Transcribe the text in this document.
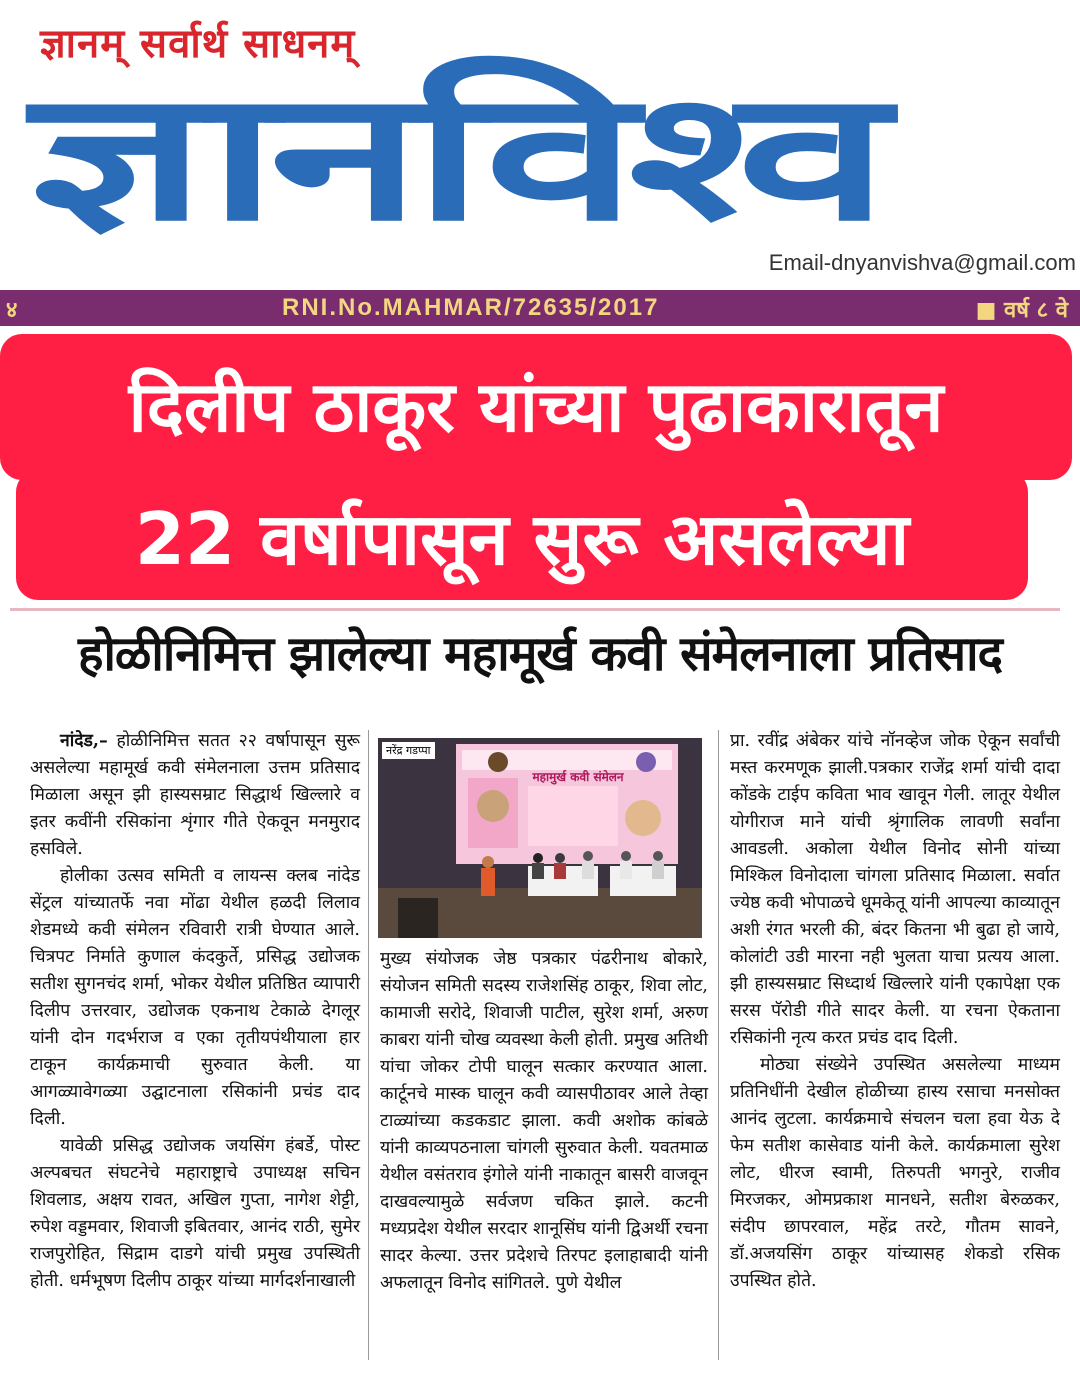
ज्ञानम् सर्वार्थ साधनम्
ज्ञानविश्व
Email-dnyanvishva@gmail.com
४	RNI.No.MAHMAR/72635/2017	■ वर्ष ८ वे
दिलीप ठाकूर यांच्या पुढाकारातून
22 वर्षापासून सुरू असलेल्या
होळीनिमित्त झालेल्या महामूर्ख कवी संमेलनाला प्रतिसाद

नांदेड,– होळीनिमित्त सतत २२ वर्षापासून सुरू असलेल्या महामूर्ख कवी संमेलनाला उत्तम प्रतिसाद मिळाला असून झी हास्यसम्राट सिद्धार्थ खिल्लारे व इतर कवींनी रसिकांना शृंगार गीते ऐकवून मनमुराद हसविले.

होलीका उत्सव समिती व लायन्स क्लब नांदेड सेंट्रल यांच्यातर्फे नवा मोंढा येथील हळदी लिलाव शेडमध्ये कवी संमेलन रविवारी रात्री घेण्यात आले. चित्रपट निर्माते कुणाल कंदकुर्ते, प्रसिद्ध उद्योजक सतीश सुगनचंद शर्मा, भोकर येथील प्रतिष्ठित व्यापारी दिलीप उत्तरवार, उद्योजक एकनाथ टेकाळे देगलूर यांनी दोन गदर्भराज व एका तृतीयपंथीयाला हार टाकून कार्यक्रमाची सुरुवात केली. या आगळ्यावेगळ्या उद्घाटनाला रसिकांनी प्रचंड दाद दिली.

यावेळी प्रसिद्ध उद्योजक जयसिंग हंबर्डे, पोस्ट अल्पबचत संघटनेचे महाराष्ट्राचे उपाध्यक्ष सचिन शिवलाड, अक्षय रावत, अखिल गुप्ता, नागेश शेट्टी, रुपेश वड्डमवार, शिवाजी इबितवार, आनंद राठी, सुमेर राजपुरोहित, सिद्राम दाडगे यांची प्रमुख उपस्थिती होती. धर्मभूषण दिलीप ठाकूर यांच्या मार्गदर्शनाखाली

नरेंद्र गडप्पा
महामुर्ख कवी संमेलन

मुख्य संयोजक जेष्ठ पत्रकार पंढरीनाथ बोकारे, संयोजन समिती सदस्य राजेशसिंह ठाकूर, शिवा लोट, कामाजी सरोदे, शिवाजी पाटील, सुरेश शर्मा, अरुण काबरा यांनी चोख व्यवस्था केली होती. प्रमुख अतिथी यांचा जोकर टोपी घालून सत्कार करण्यात आला. कार्टूनचे मास्क घालून कवी व्यासपीठावर आले तेव्हा टाळ्यांच्या कडकडाट झाला. कवी अशोक कांबळे यांनी काव्यपठनाला चांगली सुरुवात केली. यवतमाळ येथील वसंतराव इंगोले यांनी नाकातून बासरी वाजवून दाखवल्यामुळे सर्वजण चकित झाले. कटनी मध्यप्रदेश येथील सरदार शानूसिंघ यांनी द्विअर्थी रचना सादर केल्या. उत्तर प्रदेशचे तिरपट इलाहाबादी यांनी अफलातून विनोद सांगितले. पुणे येथील

प्रा. रवींद्र अंबेकर यांचे नॉनव्हेज जोक ऐकून सर्वांची मस्त करमणूक झाली.पत्रकार राजेंद्र शर्मा यांची दादा कोंडके टाईप कविता भाव खावून गेली. लातूर येथील योगीराज माने यांची श्रृंगालिक लावणी सर्वांना आवडली. अकोला येथील विनोद सोनी यांच्या मिश्किल विनोदाला चांगला प्रतिसाद मिळाला. सर्वात ज्येष्ठ कवी भोपाळचे धूमकेतू यांनी आपल्या काव्यातून अशी रंगत भरली की, बंदर कितना भी बुढा हो जाये, कोलांटी उडी मारना नही भुलता याचा प्रत्यय आला. झी हास्यसम्राट सिध्दार्थ खिल्लारे यांनी एकापेक्षा एक सरस पॅरोडी गीते सादर केली. या रचना ऐकताना रसिकांनी नृत्य करत प्रचंड दाद दिली.

मोठ्या संख्येने उपस्थित असलेल्या माध्यम प्रतिनिधींनी देखील होळीच्या हास्य रसाचा मनसोक्त आनंद लुटला. कार्यक्रमाचे संचलन चला हवा येऊ दे फेम सतीश कासेवाड यांनी केले. कार्यक्रमाला सुरेश लोट, धीरज स्वामी, तिरुपती भगनुरे, राजीव मिरजकर, ओमप्रकाश मानधने, सतीश बेरुळकर, संदीप छापरवाल, महेंद्र तरटे, गौतम सावने, डॉ.अजयसिंग ठाकूर यांच्यासह शेकडो रसिक उपस्थित होते.
